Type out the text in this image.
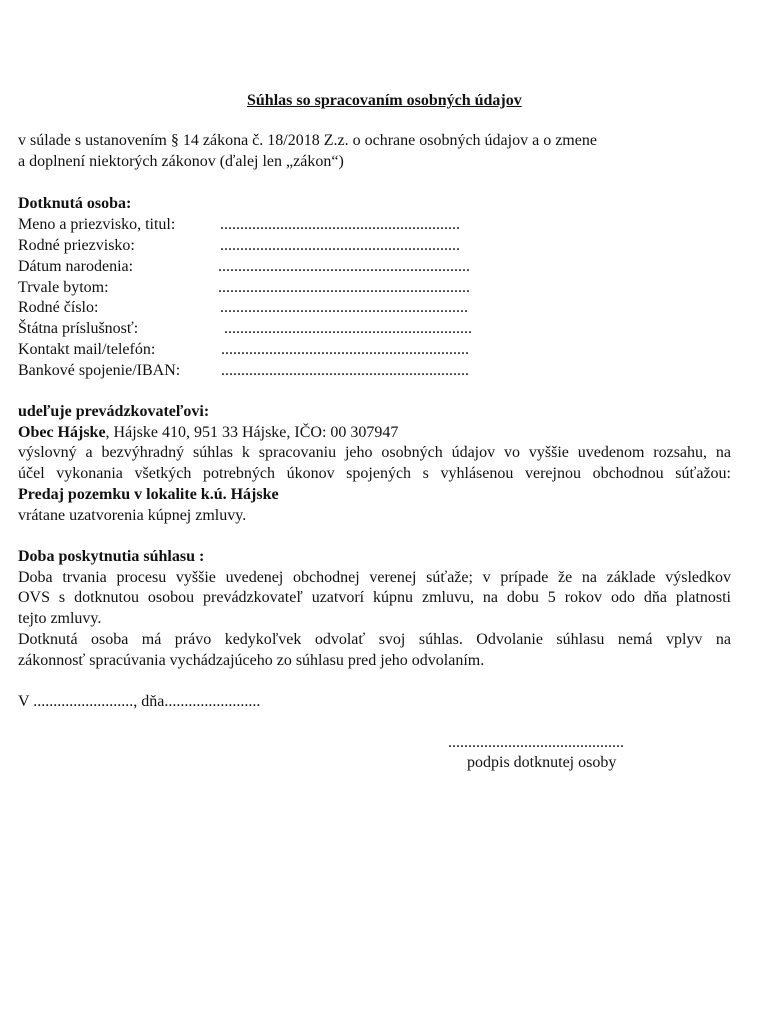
Súhlas so spracovaním osobných údajov
v súlade s ustanovením § 14 zákona č. 18/2018 Z.z. o ochrane osobných údajov a o zmene
a doplnení niektorých zákonov (ďalej len „zákon“)
Dotknutá osoba:
Meno a priezvisko, titul:	............................................................
Rodné priezvisko:	............................................................
Dátum narodenia:	...............................................................
Trvale bytom:	...............................................................
Rodné číslo:	..............................................................
Štátna príslušnosť:	..............................................................
Kontakt mail/telefón:	..............................................................
Bankové spojenie/IBAN:	..............................................................
udeľuje prevádzkovateľovi:
Obec Hájske, Hájske 410, 951 33 Hájske, IČO: 00 307947
výslovný a bezvýhradný súhlas k spracovaniu jeho osobných údajov vo vyššie uvedenom rozsahu, na
účel vykonania všetkých potrebných úkonov spojených s vyhlásenou verejnou obchodnou súťažou:
Predaj pozemku v lokalite k.ú. Hájske
vrátane uzatvorenia kúpnej zmluvy.
Doba poskytnutia súhlasu :
Doba trvania procesu vyššie uvedenej obchodnej verenej súťaže; v prípade že na základe výsledkov
OVS s dotknutou osobou prevádzkovateľ uzatvorí kúpnu zmluvu, na dobu 5 rokov odo dňa platnosti
tejto zmluvy.
Dotknutá osoba má právo kedykoľvek odvolať svoj súhlas. Odvolanie súhlasu nemá vplyv na
zákonnosť spracúvania vychádzajúceho zo súhlasu pred jeho odvolaním.
V ........................., dňa........................
............................................
podpis dotknutej osoby
